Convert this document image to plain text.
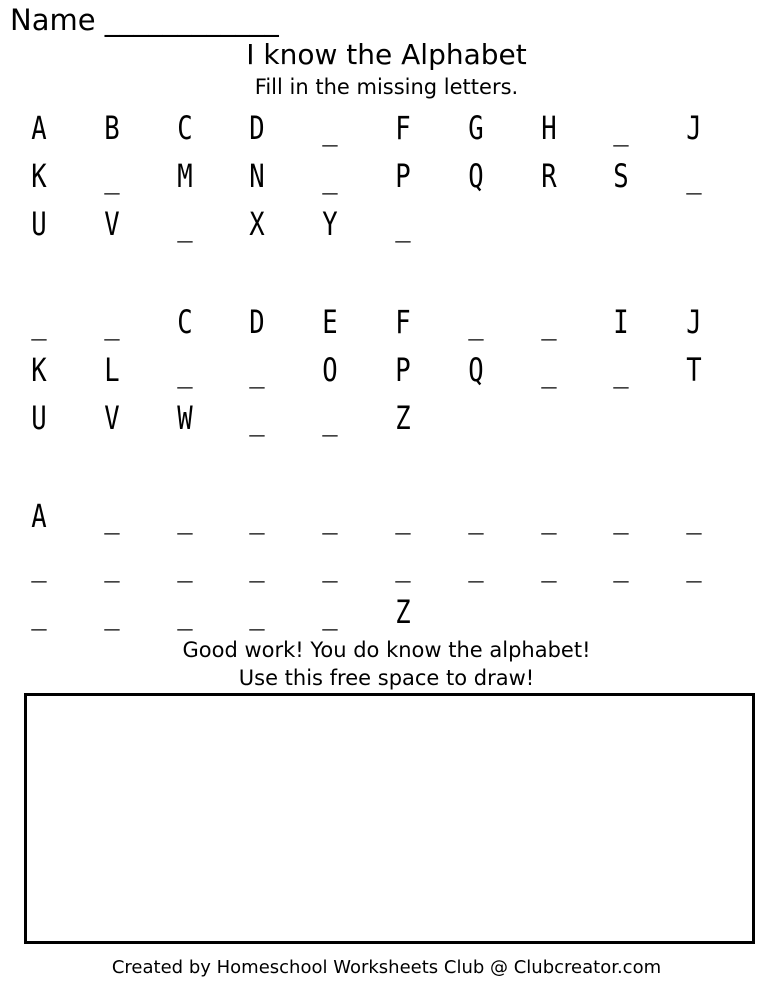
Name ____________
I know the Alphabet
Fill in the missing letters.
A	B	C	D	_	F	G	H	_	J
K	_	M	N	_	P	Q	R	S	_
U	V	_	X	Y	_
_	_	C	D	E	F	_	_	I	J
K	L	_	_	O	P	Q	_	_	T
U	V	W	_	_	Z
A	_	_	_	_	_	_	_	_	_
_	_	_	_	_	_	_	_	_	_
_	_	_	_	_	Z
Good work! You do know the alphabet!
Use this free space to draw!
Created by Homeschool Worksheets Club @ Clubcreator.com
